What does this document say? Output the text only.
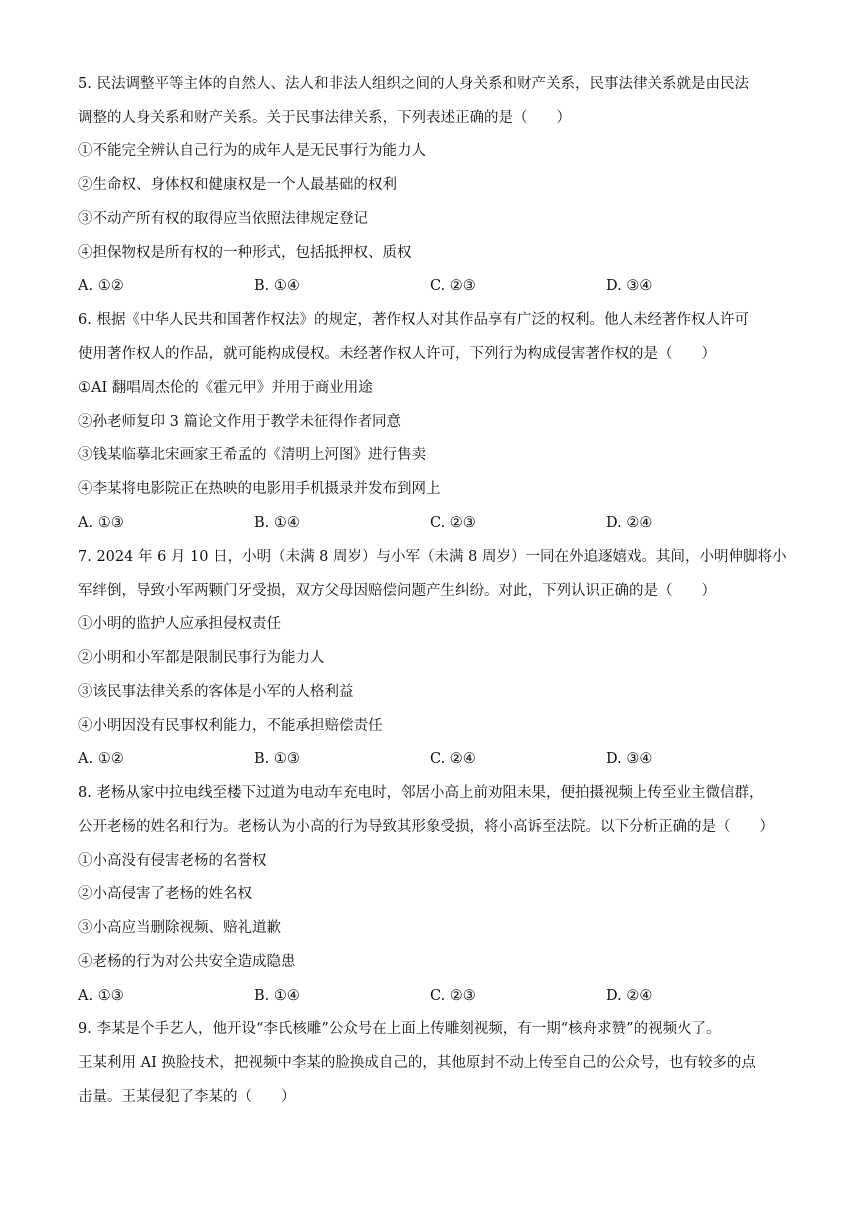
5. 民法调整平等主体的自然人、法人和非法人组织之间的人身关系和财产关系，民事法律关系就是由民法
调整的人身关系和财产关系。关于民事法律关系，下列表述正确的是（　　）
①不能完全辨认自己行为的成年人是无民事行为能力人
②生命权、身体权和健康权是一个人最基础的权利
③不动产所有权的取得应当依照法律规定登记
④担保物权是所有权的一种形式，包括抵押权、质权
A. ①②	B. ①④	C. ②③	D. ③④
6. 根据《中华人民共和国著作权法》的规定，著作权人对其作品享有广泛的权利。他人未经著作权人许可
使用著作权人的作品，就可能构成侵权。未经著作权人许可，下列行为构成侵害著作权的是（　　）
①AI 翻唱周杰伦的《霍元甲》并用于商业用途
②孙老师复印 3 篇论文作用于教学未征得作者同意
③钱某临摹北宋画家王希孟的《清明上河图》进行售卖
④李某将电影院正在热映的电影用手机摄录并发布到网上
A. ①③	B. ①④	C. ②③	D. ②④
7. 2024 年 6 月 10 日，小明（未满 8 周岁）与小军（未满 8 周岁）一同在外追逐嬉戏。其间，小明伸脚将小
军绊倒，导致小军两颗门牙受损，双方父母因赔偿问题产生纠纷。对此，下列认识正确的是（　　）
①小明的监护人应承担侵权责任
②小明和小军都是限制民事行为能力人
③该民事法律关系的客体是小军的人格利益
④小明因没有民事权利能力，不能承担赔偿责任
A. ①②	B. ①③	C. ②④	D. ③④
8. 老杨从家中拉电线至楼下过道为电动车充电时，邻居小高上前劝阻未果，便拍摄视频上传至业主微信群，
公开老杨的姓名和行为。老杨认为小高的行为导致其形象受损，将小高诉至法院。以下分析正确的是（　　）
①小高没有侵害老杨的名誉权
②小高侵害了老杨的姓名权
③小高应当删除视频、赔礼道歉
④老杨的行为对公共安全造成隐患
A. ①③	B. ①④	C. ②③	D. ②④
9. 李某是个手艺人，他开设“李氏核雕”公众号在上面上传雕刻视频，有一期“核舟求赞”的视频火了。
王某利用 AI 换脸技术，把视频中李某的脸换成自己的，其他原封不动上传至自己的公众号，也有较多的点
击量。王某侵犯了李某的（　　）
